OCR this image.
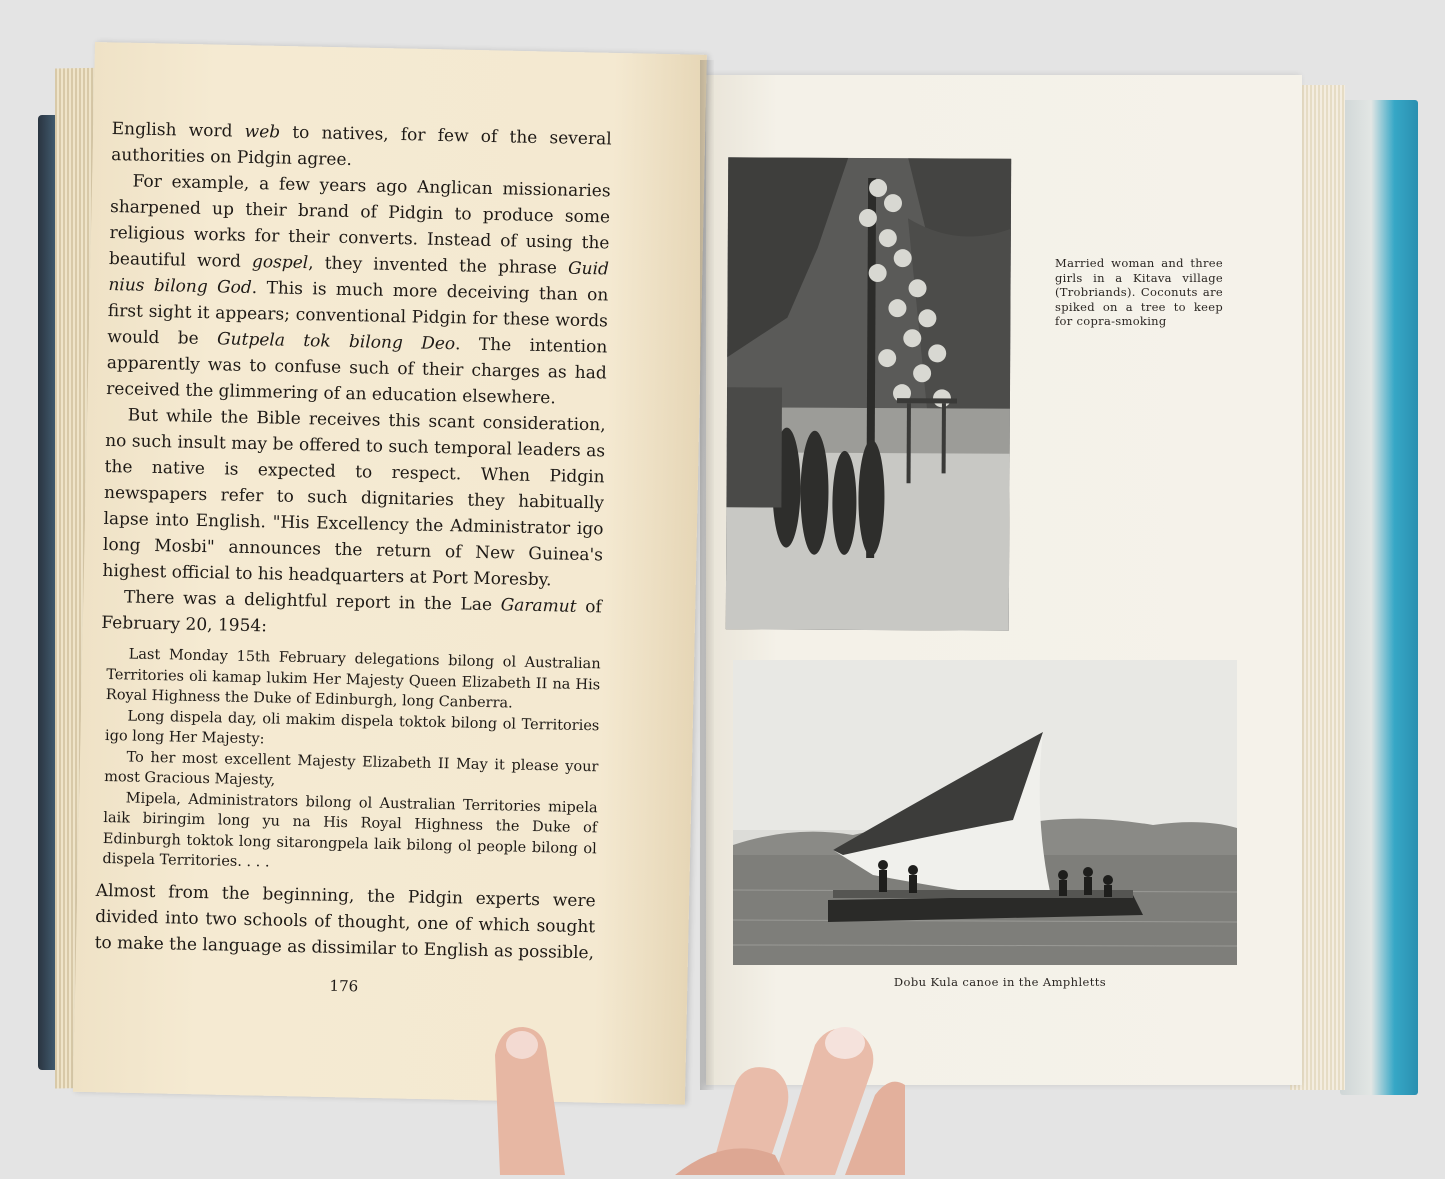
English word web to natives, for few of the several authorities on Pidgin agree.

For example, a few years ago Anglican missionaries sharpened up their brand of Pidgin to produce some religious works for their converts. Instead of using the beautiful word gospel, they invented the phrase Guid nius bilong God. This is much more deceiving than on first sight it appears; conventional Pidgin for these words would be Gutpela tok bilong Deo. The intention apparently was to confuse such of their charges as had received the glimmering of an education elsewhere.

But while the Bible receives this scant consideration, no such insult may be offered to such temporal leaders as the native is expected to respect. When Pidgin newspapers refer to such dignitaries they habitually lapse into English. "His Excellency the Administrator igo long Mosbi" announces the return of New Guinea's highest official to his headquarters at Port Moresby.

There was a delightful report in the Lae Garamut of February 20, 1954:

Last Monday 15th February delegations bilong ol Australian Territories oli kamap lukim Her Majesty Queen Elizabeth II na His Royal Highness the Duke of Edinburgh, long Canberra.

Long dispela day, oli makim dispela toktok bilong ol Territories igo long Her Majesty:

To her most excellent Majesty Elizabeth II May it please your most Gracious Majesty,

Mipela, Administrators bilong ol Australian Territories mipela laik biringim long yu na His Royal Highness the Duke of Edinburgh toktok long sitarongpela laik bilong ol people bilong ol dispela Territories. . . .

Almost from the beginning, the Pidgin experts were divided into two schools of thought, one of which sought to make the language as dissimilar to English as possible,

176
Married woman and three girls in a Kitava village (Trobriands). Coconuts are spiked on a tree to keep for copra-smoking
Dobu Kula canoe in the Amphletts
